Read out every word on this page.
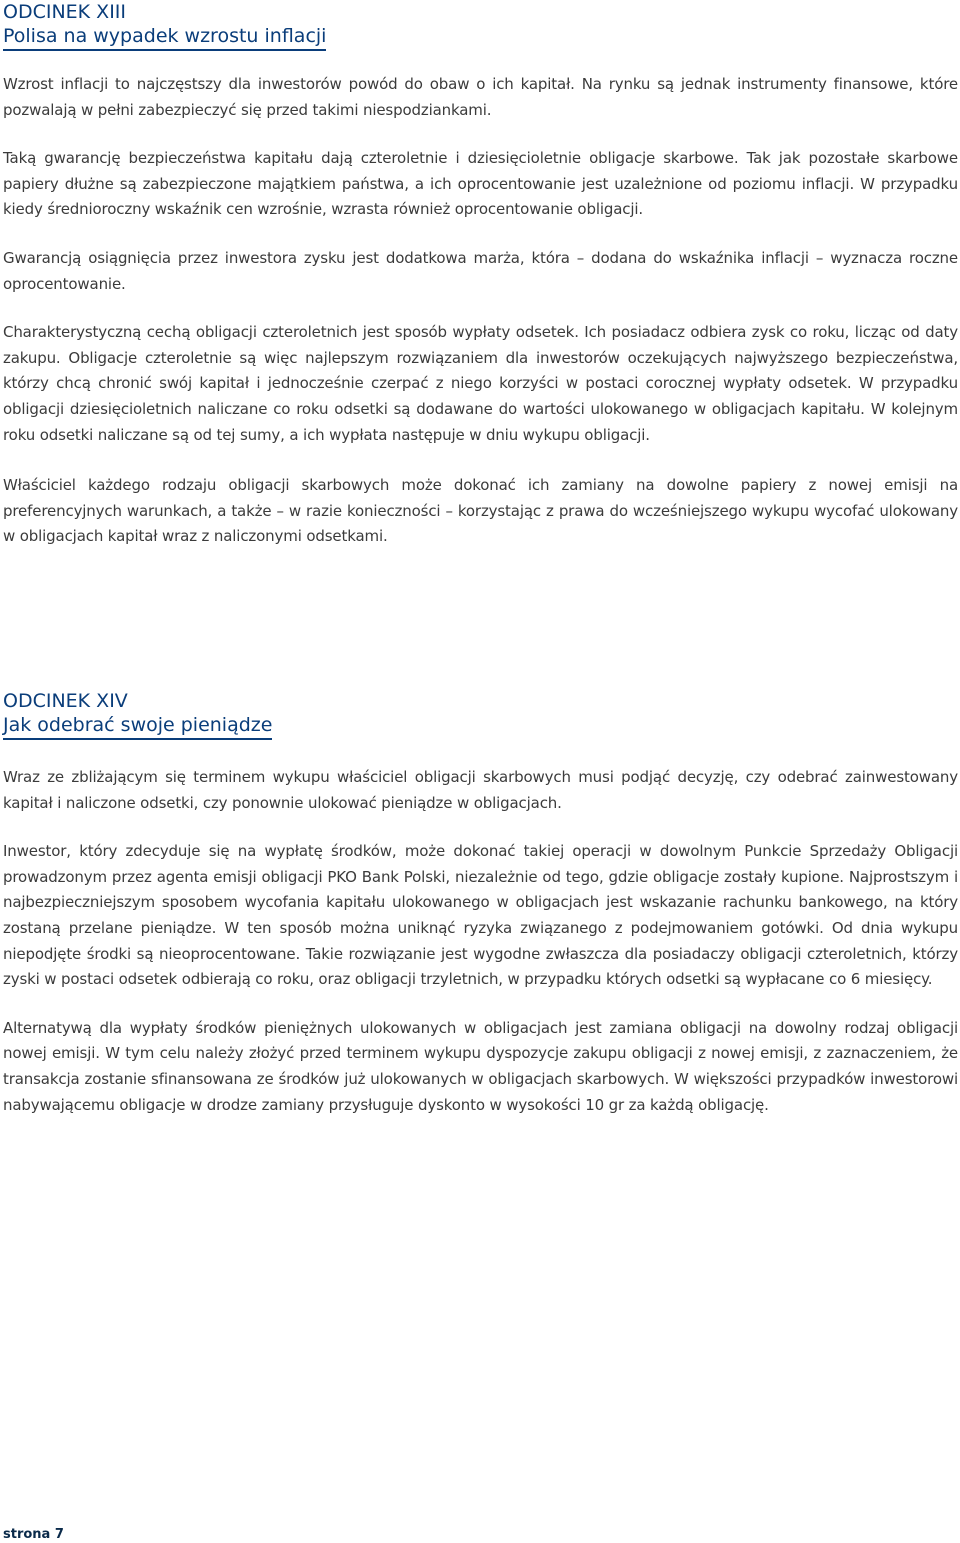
ODCINEK XIII
Polisa na wypadek wzrostu inflacji

Wzrost inflacji to najczęstszy dla inwestorów powód do obaw o ich kapitał. Na rynku są jednak instrumenty finansowe, które pozwalają w pełni zabezpieczyć się przed takimi niespodziankami.

Taką gwarancję bezpieczeństwa kapitału dają czteroletnie i dziesięcioletnie obligacje skarbowe. Tak jak pozostałe skarbowe papiery dłużne są zabezpieczone majątkiem państwa, a ich oprocentowanie jest uzależnione od poziomu inflacji. W przypadku kiedy średnioroczny wskaźnik cen wzrośnie, wzrasta również oprocentowanie obligacji.

Gwarancją osiągnięcia przez inwestora zysku jest dodatkowa marża, która – dodana do wskaźnika inflacji – wyznacza roczne oprocentowanie.

Charakterystyczną cechą obligacji czteroletnich jest sposób wypłaty odsetek. Ich posiadacz odbiera zysk co roku, licząc od daty zakupu. Obligacje czteroletnie są więc najlepszym rozwiązaniem dla inwestorów oczekujących najwyższego bezpieczeństwa, którzy chcą chronić swój kapitał i jednocześnie czerpać z niego korzyści w postaci corocznej wypłaty odsetek. W przypadku obligacji dziesięcioletnich naliczane co roku odsetki są dodawane do wartości ulokowanego w obligacjach kapitału. W kolejnym roku odsetki naliczane są od tej sumy, a ich wypłata następuje w dniu wykupu obligacji.

Właściciel każdego rodzaju obligacji skarbowych może dokonać ich zamiany na dowolne papiery z nowej emisji na preferencyjnych warunkach, a także – w razie konieczności – korzystając z prawa do wcześniejszego wykupu wycofać ulokowany w obligacjach kapitał wraz z naliczonymi odsetkami.

ODCINEK XIV
Jak odebrać swoje pieniądze

Wraz ze zbliżającym się terminem wykupu właściciel obligacji skarbowych musi podjąć decyzję, czy odebrać zainwestowany kapitał i naliczone odsetki, czy ponownie ulokować pieniądze w obligacjach.

Inwestor, który zdecyduje się na wypłatę środków, może dokonać takiej operacji w dowolnym Punkcie Sprzedaży Obligacji prowadzonym przez agenta emisji obligacji PKO Bank Polski, niezależnie od tego, gdzie obligacje zostały kupione. Najprostszym i najbezpieczniejszym sposobem wycofania kapitału ulokowanego w obligacjach jest wskazanie rachunku bankowego, na który zostaną przelane pieniądze. W ten sposób można uniknąć ryzyka związanego z podejmowaniem gotówki. Od dnia wykupu niepodjęte środki są nieoprocentowane. Takie rozwiązanie jest wygodne zwłaszcza dla posiadaczy obligacji czteroletnich, którzy zyski w postaci odsetek odbierają co roku, oraz obligacji trzyletnich, w przypadku których odsetki są wypłacane co 6 miesięcy.

Alternatywą dla wypłaty środków pieniężnych ulokowanych w obligacjach jest zamiana obligacji na dowolny rodzaj obligacji nowej emisji. W tym celu należy złożyć przed terminem wykupu dyspozycje zakupu obligacji z nowej emisji, z zaznaczeniem, że transakcja zostanie sfinansowana ze środków już ulokowanych w obligacjach skarbowych. W większości przypadków inwestorowi nabywającemu obligacje w drodze zamiany przysługuje dyskonto w wysokości 10 gr za każdą obligację.

strona 7
